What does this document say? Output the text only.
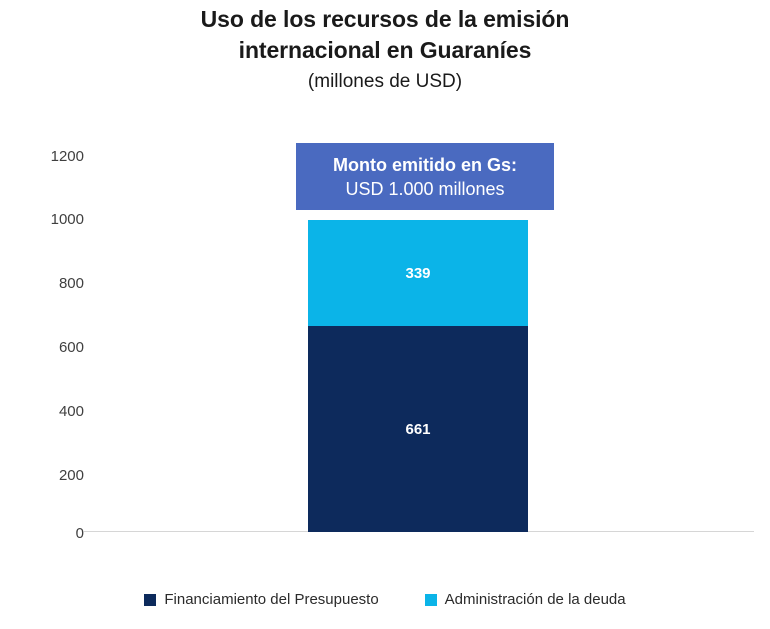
Uso de los recursos de la emisión
internacional en Guaraníes
(millones de USD)
1200
1000
800
600
400
200
0
339
661
Monto emitido en Gs:
USD 1.000 millones
Financiamiento del Presupuesto	Administración de la deuda
